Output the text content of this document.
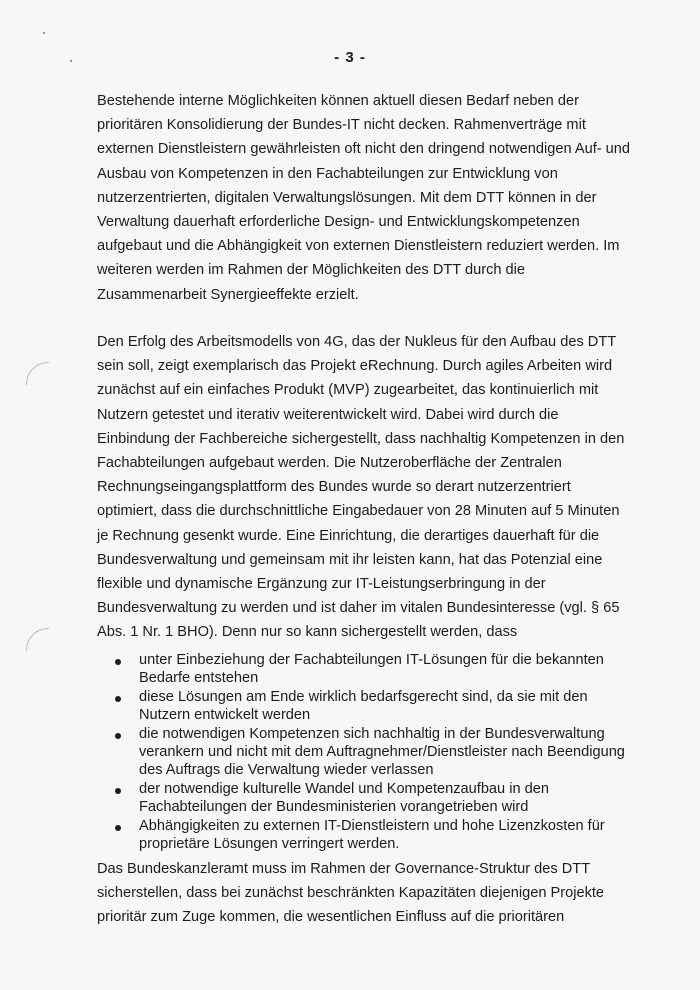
- 3 -
Bestehende interne Möglichkeiten können aktuell diesen Bedarf neben der
prioritären Konsolidierung der Bundes-IT nicht decken. Rahmenverträge mit
externen Dienstleistern gewährleisten oft nicht den dringend notwendigen Auf- und
Ausbau von Kompetenzen in den Fachabteilungen zur Entwicklung von
nutzerzentrierten, digitalen Verwaltungslösungen. Mit dem DTT können in der
Verwaltung dauerhaft erforderliche Design- und Entwicklungskompetenzen
aufgebaut und die Abhängigkeit von externen Dienstleistern reduziert werden. Im
weiteren werden im Rahmen der Möglichkeiten des DTT durch die
Zusammenarbeit Synergieeffekte erzielt.
Den Erfolg des Arbeitsmodells von 4G, das der Nukleus für den Aufbau des DTT
sein soll, zeigt exemplarisch das Projekt eRechnung. Durch agiles Arbeiten wird
zunächst auf ein einfaches Produkt (MVP) zugearbeitet, das kontinuierlich mit
Nutzern getestet und iterativ weiterentwickelt wird. Dabei wird durch die
Einbindung der Fachbereiche sichergestellt, dass nachhaltig Kompetenzen in den
Fachabteilungen aufgebaut werden. Die Nutzeroberfläche der Zentralen
Rechnungseingangsplattform des Bundes wurde so derart nutzerzentriert
optimiert, dass die durchschnittliche Eingabedauer von 28 Minuten auf 5 Minuten
je Rechnung gesenkt wurde. Eine Einrichtung, die derartiges dauerhaft für die
Bundesverwaltung und gemeinsam mit ihr leisten kann, hat das Potenzial eine
flexible und dynamische Ergänzung zur IT-Leistungserbringung in der
Bundesverwaltung zu werden und ist daher im vitalen Bundesinteresse (vgl. § 65
Abs. 1 Nr. 1 BHO). Denn nur so kann sichergestellt werden, dass
unter Einbeziehung der Fachabteilungen IT-Lösungen für die bekannten
Bedarfe entstehen
diese Lösungen am Ende wirklich bedarfsgerecht sind, da sie mit den
Nutzern entwickelt werden
die notwendigen Kompetenzen sich nachhaltig in der Bundesverwaltung
verankern und nicht mit dem Auftragnehmer/Dienstleister nach Beendigung
des Auftrags die Verwaltung wieder verlassen
der notwendige kulturelle Wandel und Kompetenzaufbau in den
Fachabteilungen der Bundesministerien vorangetrieben wird
Abhängigkeiten zu externen IT-Dienstleistern und hohe Lizenzkosten für
proprietäre Lösungen verringert werden.
Das Bundeskanzleramt muss im Rahmen der Governance-Struktur des DTT
sicherstellen, dass bei zunächst beschränkten Kapazitäten diejenigen Projekte
prioritär zum Zuge kommen, die wesentlichen Einfluss auf die prioritären
